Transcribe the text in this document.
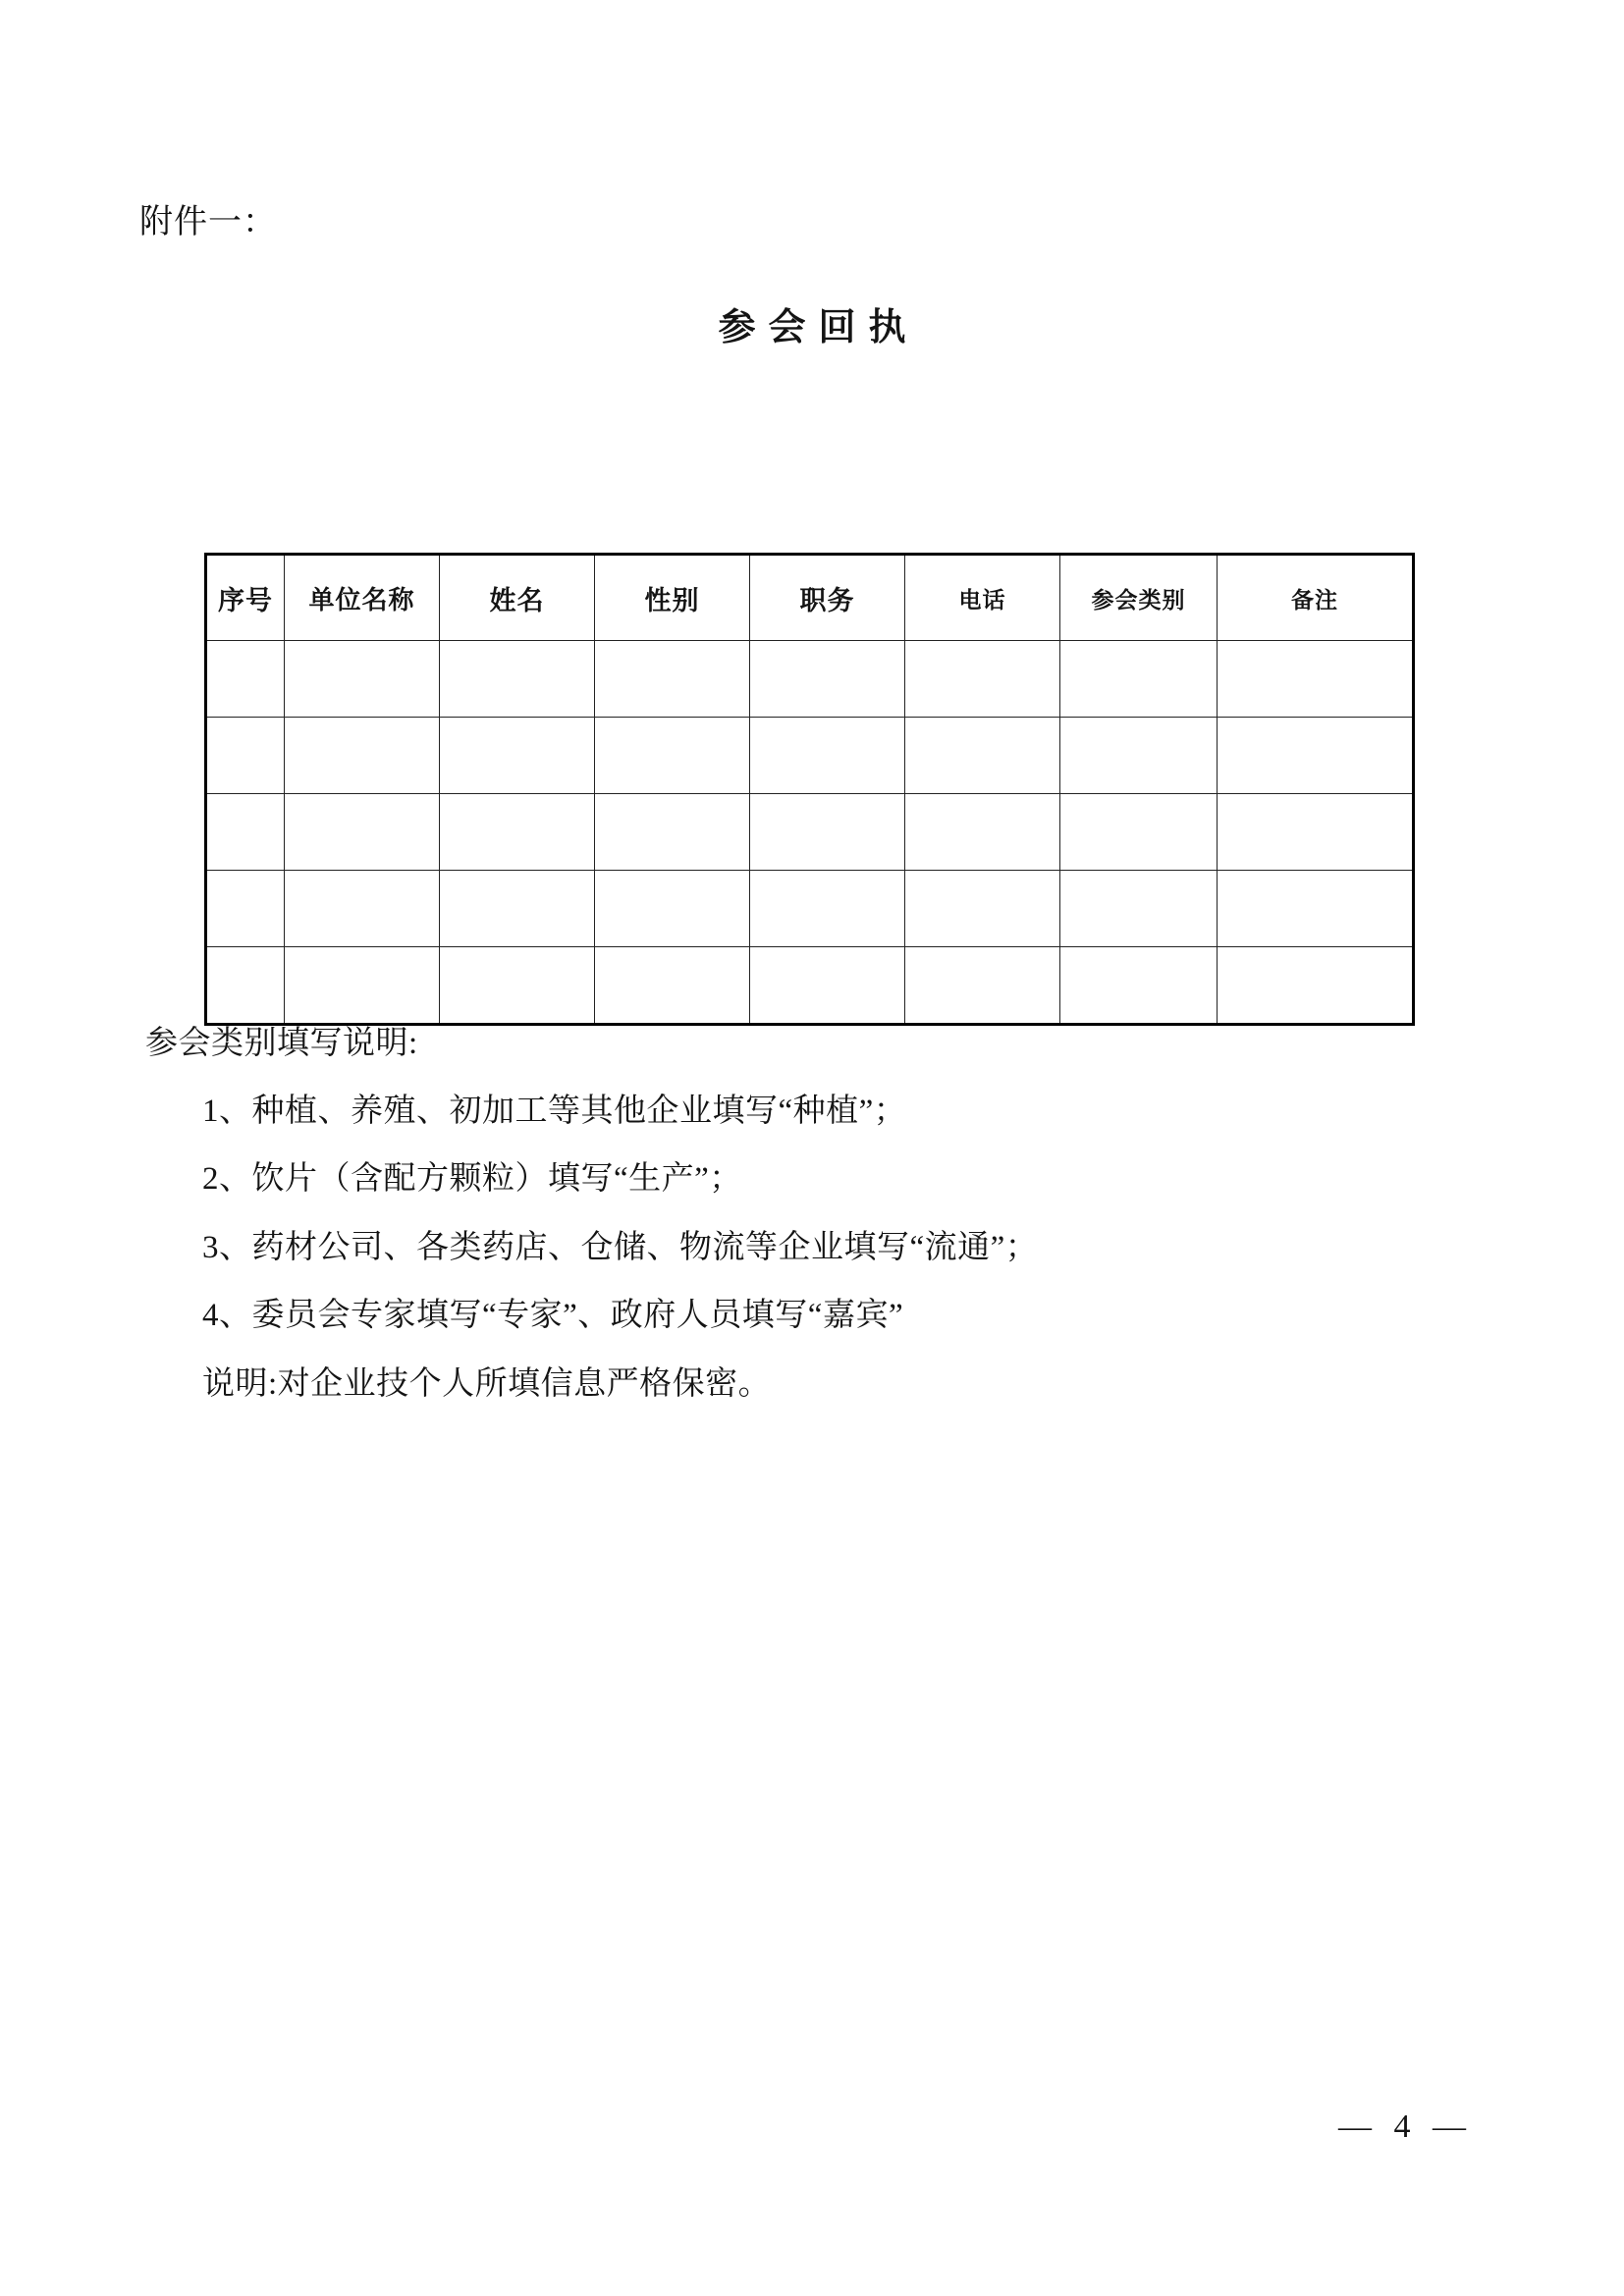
附件一：
参会回执
序号	单位名称	姓名	性别	职务	电话	参会类别	备注

参会类别填写说明:
1、种植、养殖、初加工等其他企业填写“种植”；
2、饮片（含配方颗粒）填写“生产”；
3、药材公司、各类药店、仓储、物流等企业填写“流通”；
4、委员会专家填写“专家”、政府人员填写“嘉宾”
说明:对企业技个人所填信息严格保密。
— 4 —
